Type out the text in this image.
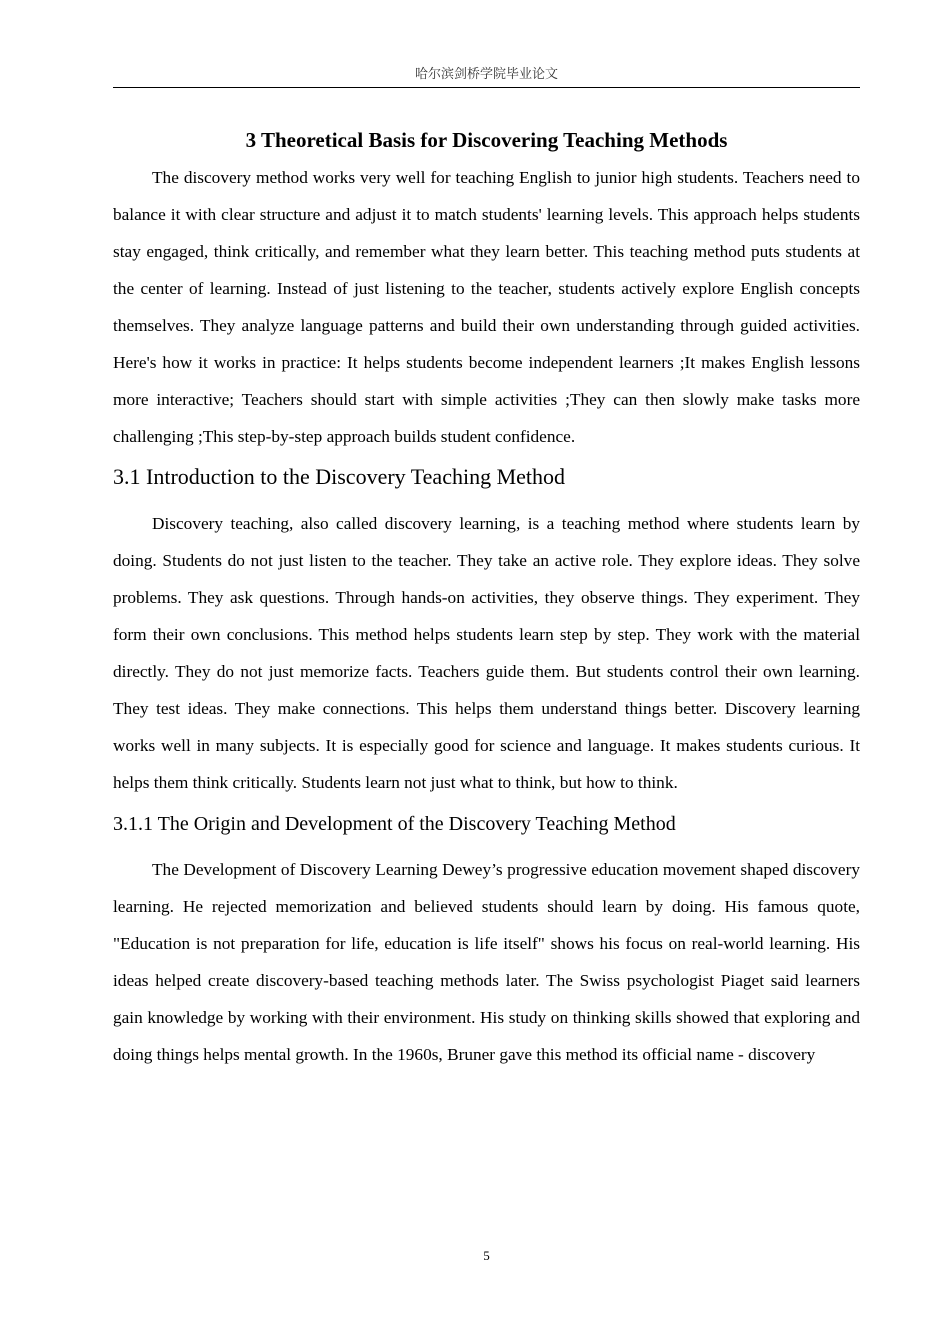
哈尔滨剑桥学院毕业论文
3 Theoretical Basis for Discovering Teaching Methods

The discovery method works very well for teaching English to junior high students. Teachers need to balance it with clear structure and adjust it to match students' learning levels. This approach helps students stay engaged, think critically, and remember what they learn better. This teaching method puts students at the center of learning. Instead of just listening to the teacher, students actively explore English concepts themselves. They analyze language patterns and build their own understanding through guided activities. Here's how it works in practice: It helps students become independent learners ;It makes English lessons more interactive; Teachers should start with simple activities ;They can then slowly make tasks more challenging ;This step-by-step approach builds student confidence.

3.1 Introduction to the Discovery Teaching Method

Discovery teaching, also called discovery learning, is a teaching method where students learn by doing. Students do not just listen to the teacher. They take an active role. They explore ideas. They solve problems. They ask questions. Through hands-on activities, they observe things. They experiment. They form their own conclusions. This method helps students learn step by step. They work with the material directly. They do not just memorize facts. Teachers guide them. But students control their own learning. They test ideas. They make connections. This helps them understand things better. Discovery learning works well in many subjects. It is especially good for science and language. It makes students curious. It helps them think critically. Students learn not just what to think, but how to think.

3.1.1 The Origin and Development of the Discovery Teaching Method

The Development of Discovery Learning Dewey’s progressive education movement shaped discovery learning. He rejected memorization and believed students should learn by doing. His famous quote, "Education is not preparation for life, education is life itself" shows his focus on real-world learning. His ideas helped create discovery-based teaching methods later. The Swiss psychologist Piaget said learners gain knowledge by working with their environment. His study on thinking skills showed that exploring and doing things helps mental growth. In the 1960s, Bruner gave this method its official name - discovery

5
